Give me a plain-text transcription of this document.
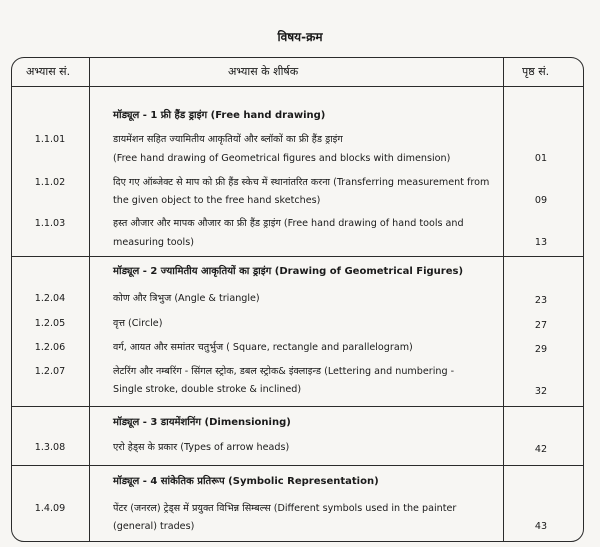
विषय-क्रम
अभ्यास सं.	अभ्यास के शीर्षक	पृष्ठ सं.
मॉड्यूल - 1 फ्री हैंड ड्राइंग (Free hand drawing)
1.1.01	डायमेंशन सहित ज्यामितीय आकृतियों और ब्लॉकों का फ्री हैंड ड्राइंग
(Free hand drawing of Geometrical figures and blocks with dimension)	01
1.1.02	दिए गए ऑब्जेक्ट से माप को फ्री हैंड स्केच में स्थानांतरित करना (Transferring measurement from
the given object to the free hand sketches)	09
1.1.03	हस्त औजार और मापक औजार का फ्री हैंड ड्राइंग (Free hand drawing of hand tools and
measuring tools)	13
मॉड्यूल - 2 ज्यामितीय आकृतियों का ड्राइंग (Drawing of Geometrical Figures)
1.2.04	कोण और त्रिभुज (Angle & triangle)	23
1.2.05	वृत्त (Circle)	27
1.2.06	वर्ग, आयत और समांतर चतुर्भुज ( Square, rectangle and parallelogram)	29
1.2.07	लेटरिंग और नम्बरिंग - सिंगल स्ट्रोक, डबल स्ट्रोक& इंक्लाइन्ड (Lettering and numbering -
Single stroke, double stroke & inclined)	32
मॉड्यूल - 3 डायमेंशनिंग (Dimensioning)
1.3.08	एरो हेड्स के प्रकार (Types of arrow heads)	42
मॉड्यूल - 4 सांकेतिक प्रतिरूप (Symbolic Representation)
1.4.09	पेंटर (जनरल) ट्रेड्स में प्रयुक्त विभिन्न सिम्बल्स (Different symbols used in the painter
(general) trades)	43
